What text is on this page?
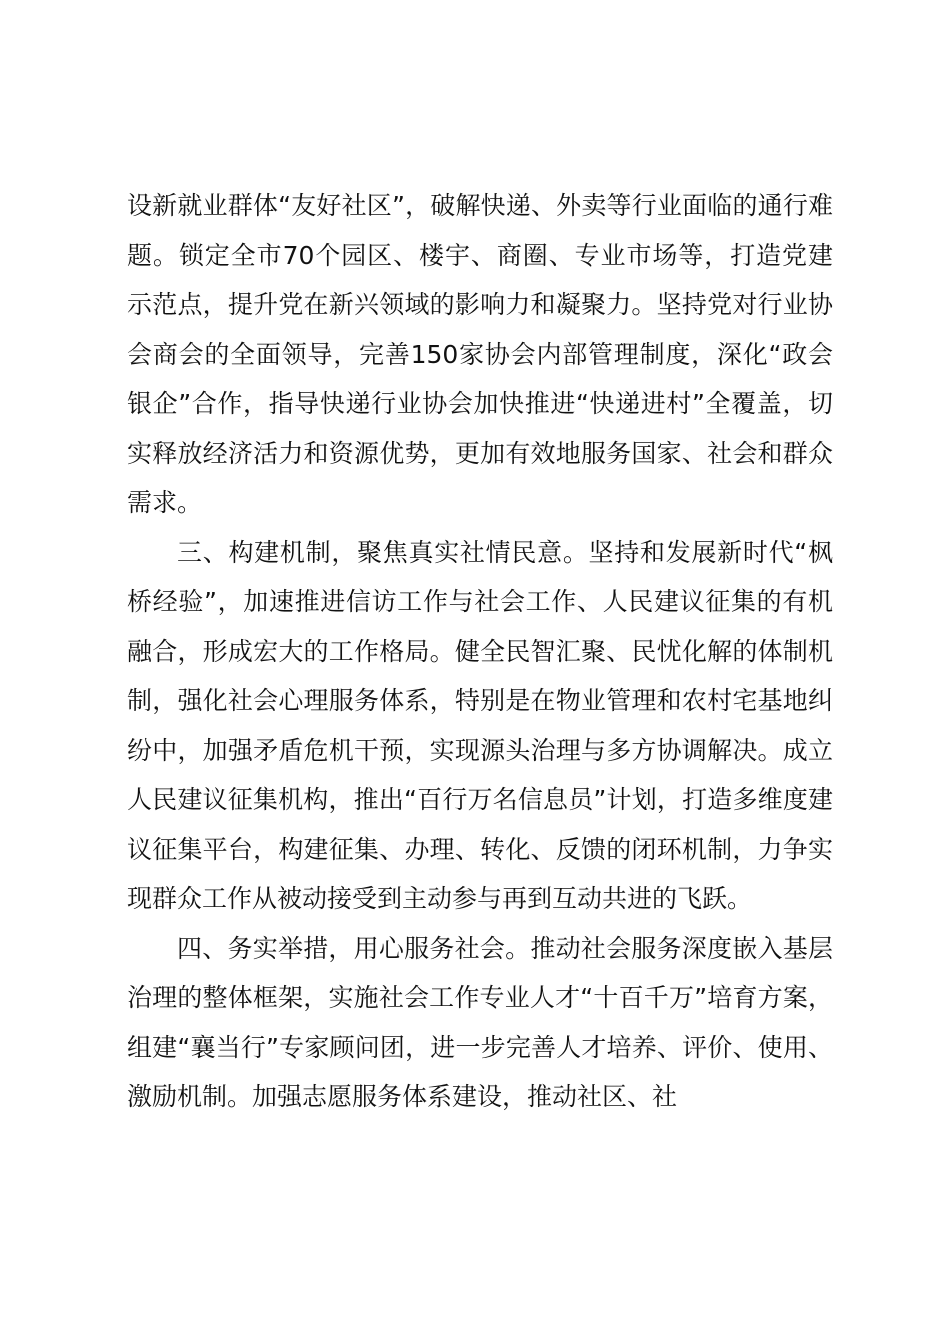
设新就业群体“友好社区”，破解快递、外卖等行业面临的通行难题。锁定全市70个园区、楼宇、商圈、专业市场等，打造党建示范点，提升党在新兴领域的影响力和凝聚力。坚持党对行业协会商会的全面领导，完善150家协会内部管理制度，深化“政会银企”合作，指导快递行业协会加快推进“快递进村”全覆盖，切实释放经济活力和资源优势，更加有效地服务国家、社会和群众需求。

三、构建机制，聚焦真实社情民意。坚持和发展新时代“枫桥经验”，加速推进信访工作与社会工作、人民建议征集的有机融合，形成宏大的工作格局。健全民智汇聚、民忧化解的体制机制，强化社会心理服务体系，特别是在物业管理和农村宅基地纠纷中，加强矛盾危机干预，实现源头治理与多方协调解决。成立人民建议征集机构，推出“百行万名信息员”计划，打造多维度建议征集平台，构建征集、办理、转化、反馈的闭环机制，力争实现群众工作从被动接受到主动参与再到互动共进的飞跃。

四、务实举措，用心服务社会。推动社会服务深度嵌入基层治理的整体框架，实施社会工作专业人才“十百千万”培育方案，组建“襄当行”专家顾问团，进一步完善人才培养、评价、使用、激励机制。加强志愿服务体系建设，推动社区、社
